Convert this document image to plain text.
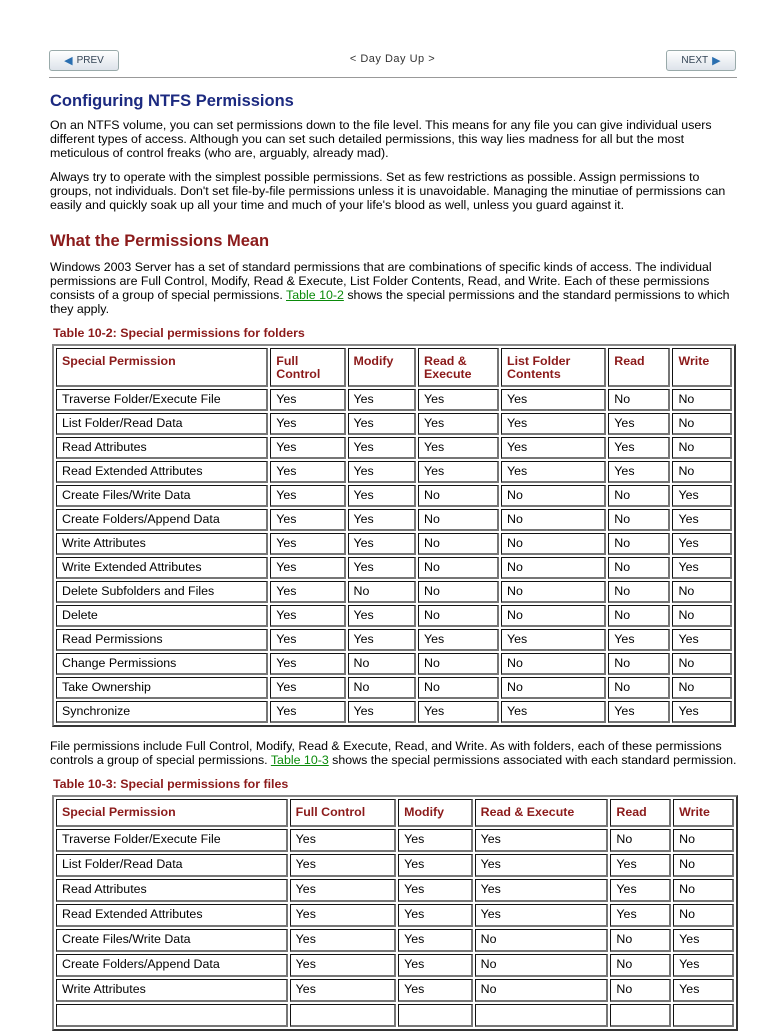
◀ PREV	< Day Day Up >	NEXT ▶
Configuring NTFS Permissions

On an NTFS volume, you can set permissions down to the file level. This means for any file you can give individual users different types of access. Although you can set such detailed permissions, this way lies madness for all but the most meticulous of control freaks (who are, arguably, already mad).

Always try to operate with the simplest possible permissions. Set as few restrictions as possible. Assign permissions to groups, not individuals. Don't set file-by-file permissions unless it is unavoidable. Managing the minutiae of permissions can easily and quickly soak up all your time and much of your life's blood as well, unless you guard against it.

What the Permissions Mean

Windows 2003 Server has a set of standard permissions that are combinations of specific kinds of access. The individual permissions are Full Control, Modify, Read & Execute, List Folder Contents, Read, and Write. Each of these permissions consists of a group of special permissions. Table 10-2 shows the special permissions and the standard permissions to which they apply.

Table 10-2: Special permissions for folders
Special Permission	Full Control	Modify	Read & Execute	List Folder Contents	Read	Write
Traverse Folder/Execute File	Yes	Yes	Yes	Yes	No	No
List Folder/Read Data	Yes	Yes	Yes	Yes	Yes	No
Read Attributes	Yes	Yes	Yes	Yes	Yes	No
Read Extended Attributes	Yes	Yes	Yes	Yes	Yes	No
Create Files/Write Data	Yes	Yes	No	No	No	Yes
Create Folders/Append Data	Yes	Yes	No	No	No	Yes
Write Attributes	Yes	Yes	No	No	No	Yes
Write Extended Attributes	Yes	Yes	No	No	No	Yes
Delete Subfolders and Files	Yes	No	No	No	No	No
Delete	Yes	Yes	No	No	No	No
Read Permissions	Yes	Yes	Yes	Yes	Yes	Yes
Change Permissions	Yes	No	No	No	No	No
Take Ownership	Yes	No	No	No	No	No
Synchronize	Yes	Yes	Yes	Yes	Yes	Yes

File permissions include Full Control, Modify, Read & Execute, Read, and Write. As with folders, each of these permissions controls a group of special permissions. Table 10-3 shows the special permissions associated with each standard permission.

Table 10-3: Special permissions for files
Special Permission	Full Control	Modify	Read & Execute	Read	Write
Traverse Folder/Execute File	Yes	Yes	Yes	No	No
List Folder/Read Data	Yes	Yes	Yes	Yes	No
Read Attributes	Yes	Yes	Yes	Yes	No
Read Extended Attributes	Yes	Yes	Yes	Yes	No
Create Files/Write Data	Yes	Yes	No	No	Yes
Create Folders/Append Data	Yes	Yes	No	No	Yes
Write Attributes	Yes	Yes	No	No	Yes
